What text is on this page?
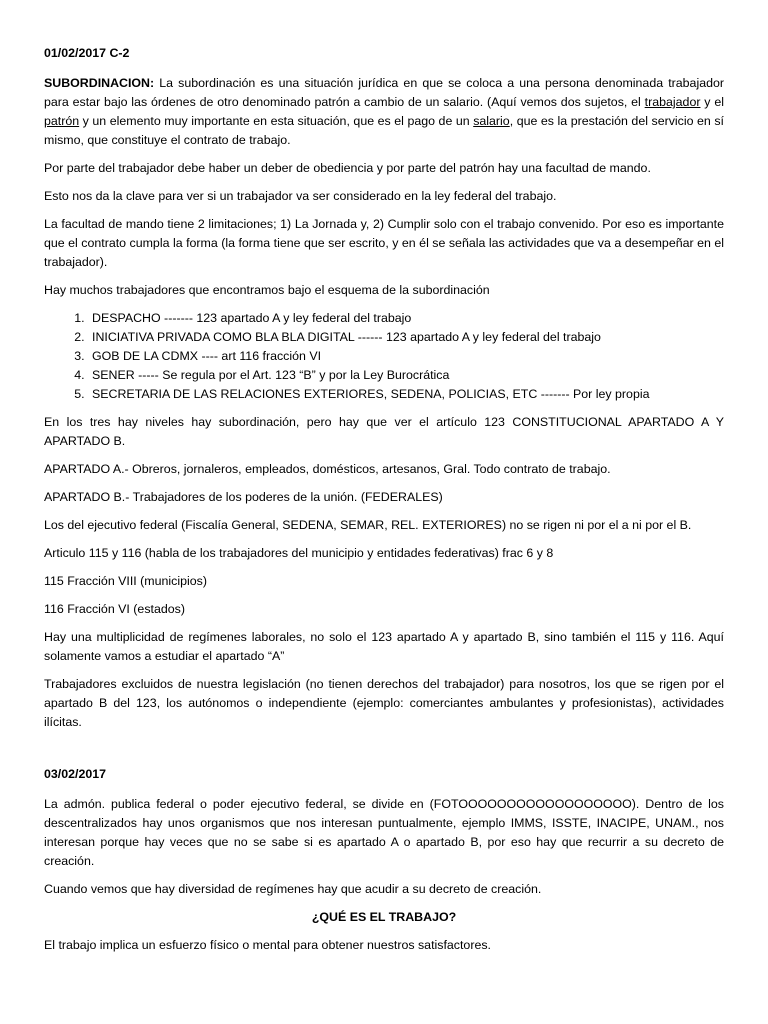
01/02/2017 C-2

SUBORDINACION: La subordinación es una situación jurídica en que se coloca a una persona denominada trabajador para estar bajo las órdenes de otro denominado patrón a cambio de un salario. (Aquí vemos dos sujetos, el trabajador y el patrón y un elemento muy importante en esta situación, que es el pago de un salario, que es la prestación del servicio en sí mismo, que constituye el contrato de trabajo.

Por parte del trabajador debe haber un deber de obediencia y por parte del patrón hay una facultad de mando.

Esto nos da la clave para ver si un trabajador va ser considerado en la ley federal del trabajo.

La facultad de mando tiene 2 limitaciones; 1) La Jornada y, 2) Cumplir solo con el trabajo convenido. Por eso es importante que el contrato cumpla la forma (la forma tiene que ser escrito, y en él se señala las actividades que va a desempeñar en el trabajador).

Hay muchos trabajadores que encontramos bajo el esquema de la subordinación

1. DESPACHO ------- 123 apartado A y ley federal del trabajo
2. INICIATIVA PRIVADA COMO BLA BLA DIGITAL ------ 123 apartado A y ley federal del trabajo
3. GOB DE LA CDMX ---- art 116 fracción VI
4. SENER ----- Se regula por el Art. 123 “B” y por la Ley Burocrática
5. SECRETARIA DE LAS RELACIONES EXTERIORES, SEDENA, POLICIAS, ETC ------- Por ley propia

En los tres hay niveles hay subordinación, pero hay que ver el artículo 123 CONSTITUCIONAL APARTADO A Y APARTADO B.

APARTADO A.- Obreros, jornaleros, empleados, domésticos, artesanos, Gral. Todo contrato de trabajo.

APARTADO B.- Trabajadores de los poderes de la unión. (FEDERALES)

Los del ejecutivo federal (Fiscalía General, SEDENA, SEMAR, REL. EXTERIORES) no se rigen ni por el a ni por el B.

Articulo 115 y 116 (habla de los trabajadores del municipio y entidades federativas) frac 6 y 8

115 Fracción VIII (municipios)

116 Fracción VI (estados)

Hay una multiplicidad de regímenes laborales, no solo el 123 apartado A y apartado B, sino también el 115 y 116. Aquí solamente vamos a estudiar el apartado “A”

Trabajadores excluidos de nuestra legislación (no tienen derechos del trabajador) para nosotros, los que se rigen por el apartado B del 123, los autónomos o independiente (ejemplo: comerciantes ambulantes y profesionistas), actividades ilícitas.

03/02/2017

La admón. publica federal o poder ejecutivo federal, se divide en (FOTOOOOOOOOOOOOOOOOOO). Dentro de los descentralizados hay unos organismos que nos interesan puntualmente, ejemplo IMMS, ISSTE, INACIPE, UNAM., nos interesan porque hay veces que no se sabe si es apartado A o apartado B, por eso hay que recurrir a su decreto de creación.

Cuando vemos que hay diversidad de regímenes hay que acudir a su decreto de creación.

¿QUÉ ES EL TRABAJO?

El trabajo implica un esfuerzo físico o mental para obtener nuestros satisfactores.
